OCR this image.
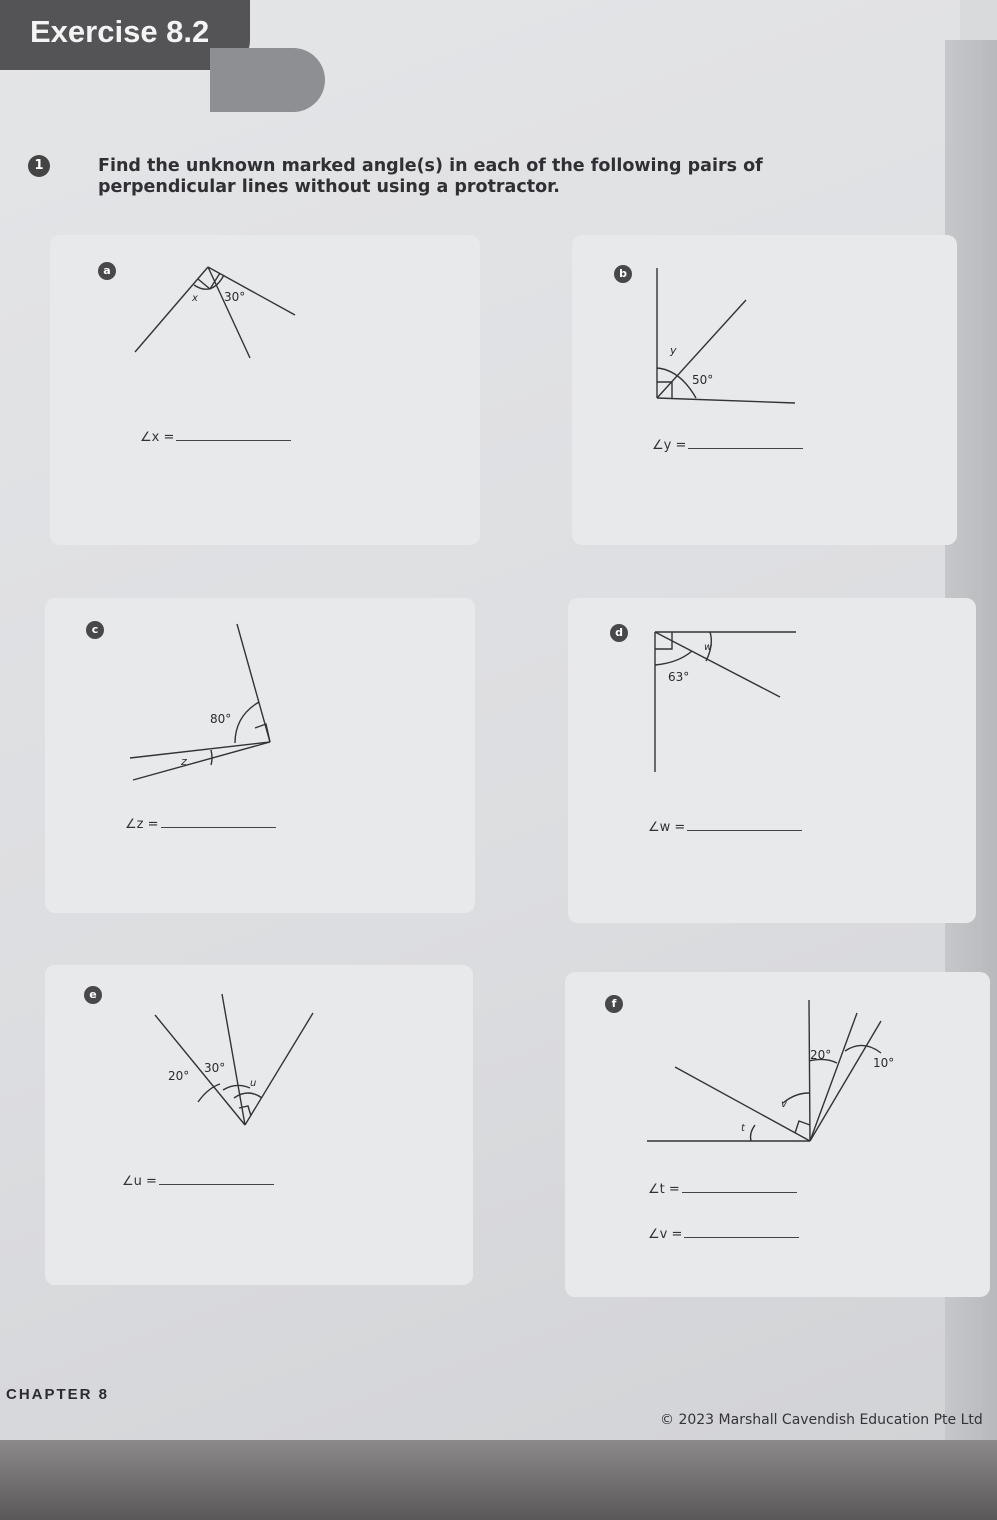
Exercise 8.2
1	Find the unknown marked angle(s) in each of the following pairs of perpendicular lines without using a protractor.
a
x 30°
∠x =
b
y
50°
∠y =
c
80°
z
∠z =
d
w
63°
∠w =
e
20°
30°
u
∠u =
f
20°
10°
v
t
∠t =
∠v =
CHAPTER 8
© 2023 Marshall Cavendish Education Pte Ltd
